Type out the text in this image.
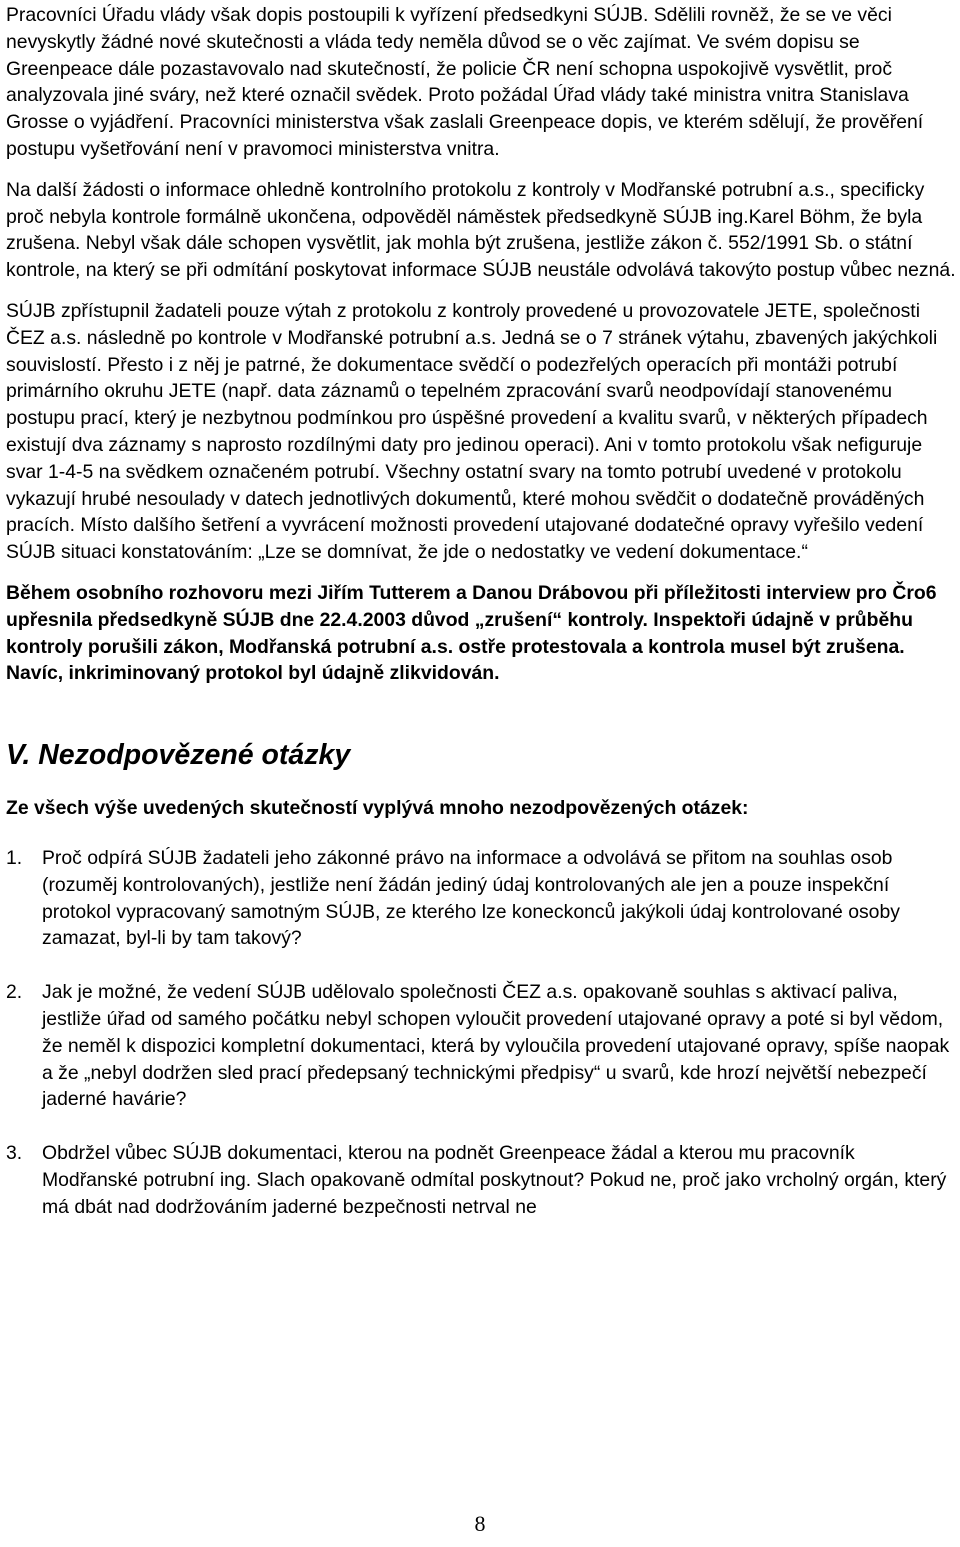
Pracovníci Úřadu vlády však dopis postoupili k vyřízení předsedkyni SÚJB. Sdělili rovněž, že se ve věci nevyskytly žádné nové skutečnosti a vláda tedy neměla důvod se o věc zajímat. Ve svém dopisu se Greenpeace dále pozastavovalo nad skutečností, že policie ČR není schopna uspokojivě vysvětlit, proč analyzovala jiné sváry, než které označil svědek. Proto požádal Úřad vlády také ministra vnitra Stanislava Grosse o vyjádření. Pracovníci ministerstva však zaslali Greenpeace dopis, ve kterém sdělují, že prověření postupu vyšetřování není v pravomoci ministerstva vnitra.

Na další žádosti o informace ohledně kontrolního protokolu z kontroly v Modřanské potrubní a.s., specificky proč nebyla kontrole formálně ukončena, odpověděl náměstek předsedkyně SÚJB ing.Karel Böhm, že byla zrušena. Nebyl však dále schopen vysvětlit, jak mohla být zrušena, jestliže zákon č. 552/1991 Sb. o státní kontrole, na který se při odmítání poskytovat informace SÚJB neustále odvolává takovýto postup vůbec nezná.

SÚJB zpřístupnil žadateli pouze výtah z protokolu z kontroly provedené u provozovatele JETE, společnosti ČEZ a.s. následně po kontrole v Modřanské potrubní a.s. Jedná se o 7 stránek výtahu, zbavených jakýchkoli souvislostí. Přesto i z něj je patrné, že dokumentace svědčí o podezřelých operacích při montáži potrubí primárního okruhu JETE (např. data záznamů o tepelném zpracování svarů neodpovídají stanovenému postupu prací, který je nezbytnou podmínkou pro úspěšné provedení a kvalitu svarů, v některých případech existují dva záznamy s naprosto rozdílnými daty pro jedinou operaci). Ani v tomto protokolu však nefiguruje svar 1-4-5 na svědkem označeném potrubí. Všechny ostatní svary na tomto potrubí uvedené v protokolu vykazují hrubé nesoulady v datech jednotlivých dokumentů, které mohou svědčit o dodatečně prováděných pracích. Místo dalšího šetření a vyvrácení možnosti provedení utajované dodatečné opravy vyřešilo vedení SÚJB situaci konstatováním: „Lze se domnívat, že jde o nedostatky ve vedení dokumentace.“

Během osobního rozhovoru mezi Jiřím Tutterem a Danou Drábovou při příležitosti interview pro Čro6 upřesnila předsedkyně SÚJB dne 22.4.2003 důvod „zrušení“ kontroly. Inspektoři údajně v průběhu kontroly porušili zákon, Modřanská potrubní a.s. ostře protestovala a kontrola musel být zrušena. Navíc, inkriminovaný protokol byl údajně zlikvidován.

V. Nezodpovězené otázky

Ze všech výše uvedených skutečností vyplývá mnoho nezodpovězených otázek:

1. Proč odpírá SÚJB žadateli jeho zákonné právo na informace a odvolává se přitom na souhlas osob (rozuměj kontrolovaných), jestliže není žádán jediný údaj kontrolovaných ale jen a pouze inspekční protokol vypracovaný samotným SÚJB, ze kterého lze koneckonců jakýkoli údaj kontrolované osoby zamazat, byl-li by tam takový?

2. Jak je možné, že vedení SÚJB udělovalo společnosti ČEZ a.s. opakovaně souhlas s aktivací paliva, jestliže úřad od samého počátku nebyl schopen vyloučit provedení utajované opravy a poté si byl vědom, že neměl k dispozici kompletní dokumentaci, která by vyloučila provedení utajované opravy, spíše naopak a že „nebyl dodržen sled prací předepsaný technickými předpisy“ u svarů, kde hrozí největší nebezpečí jaderné havárie?

3. Obdržel vůbec SÚJB dokumentaci, kterou na podnět Greenpeace žádal a kterou mu pracovník Modřanské potrubní ing. Slach opakovaně odmítal poskytnout? Pokud ne, proč jako vrcholný orgán, který má dbát nad dodržováním jaderné bezpečnosti netrval ne

8
